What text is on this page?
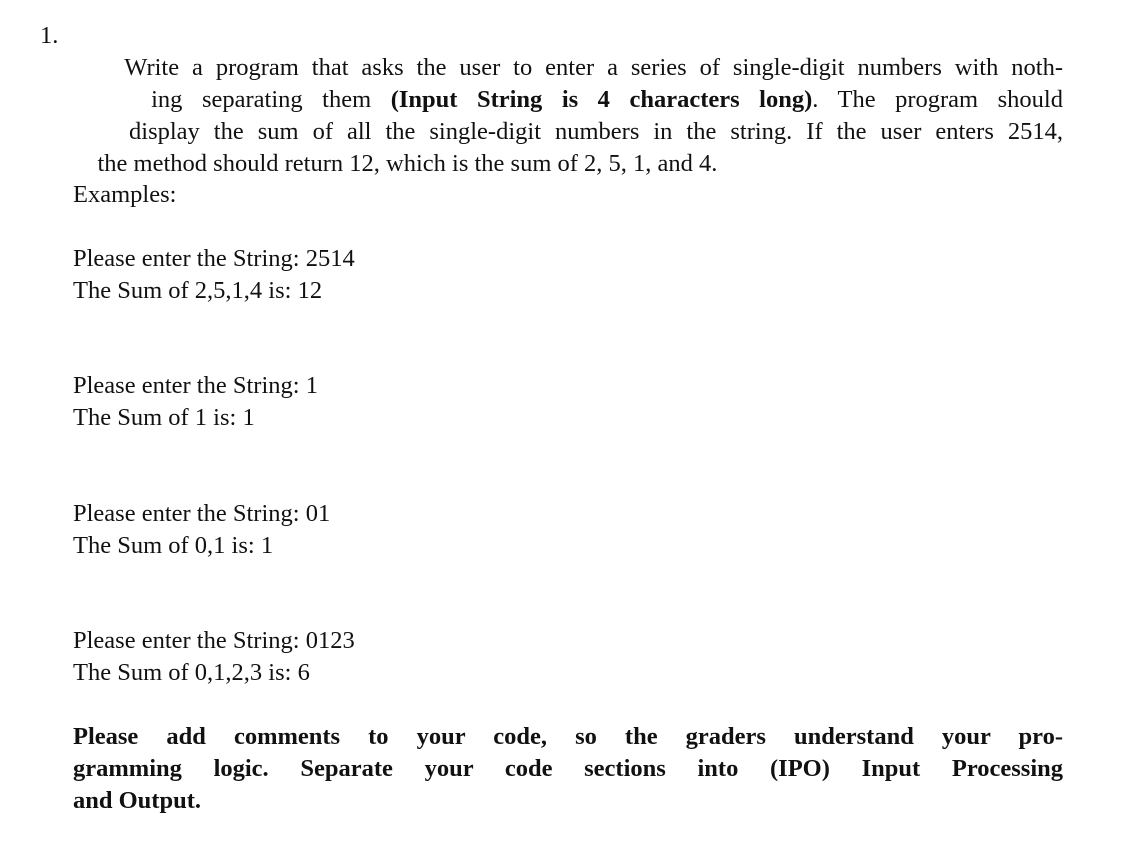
1.

Write a program that asks the user to enter a series of single-digit numbers with noth-

ing separating them (Input String is 4 characters long). The program should

display the sum of all the single-digit numbers in the string. If the user enters 2514,

the method should return 12, which is the sum of 2, 5, 1, and 4.

Examples:
Please enter the String: 2514
The Sum of 2,5,1,4 is: 12
Please enter the String: 1
The Sum of 1 is: 1
Please enter the String: 01
The Sum of 0,1 is: 1
Please enter the String: 0123
The Sum of 0,1,2,3 is: 6
Please add comments to your code, so the graders understand your pro-
gramming logic. Separate your code sections into (IPO) Input Processing
and Output.
